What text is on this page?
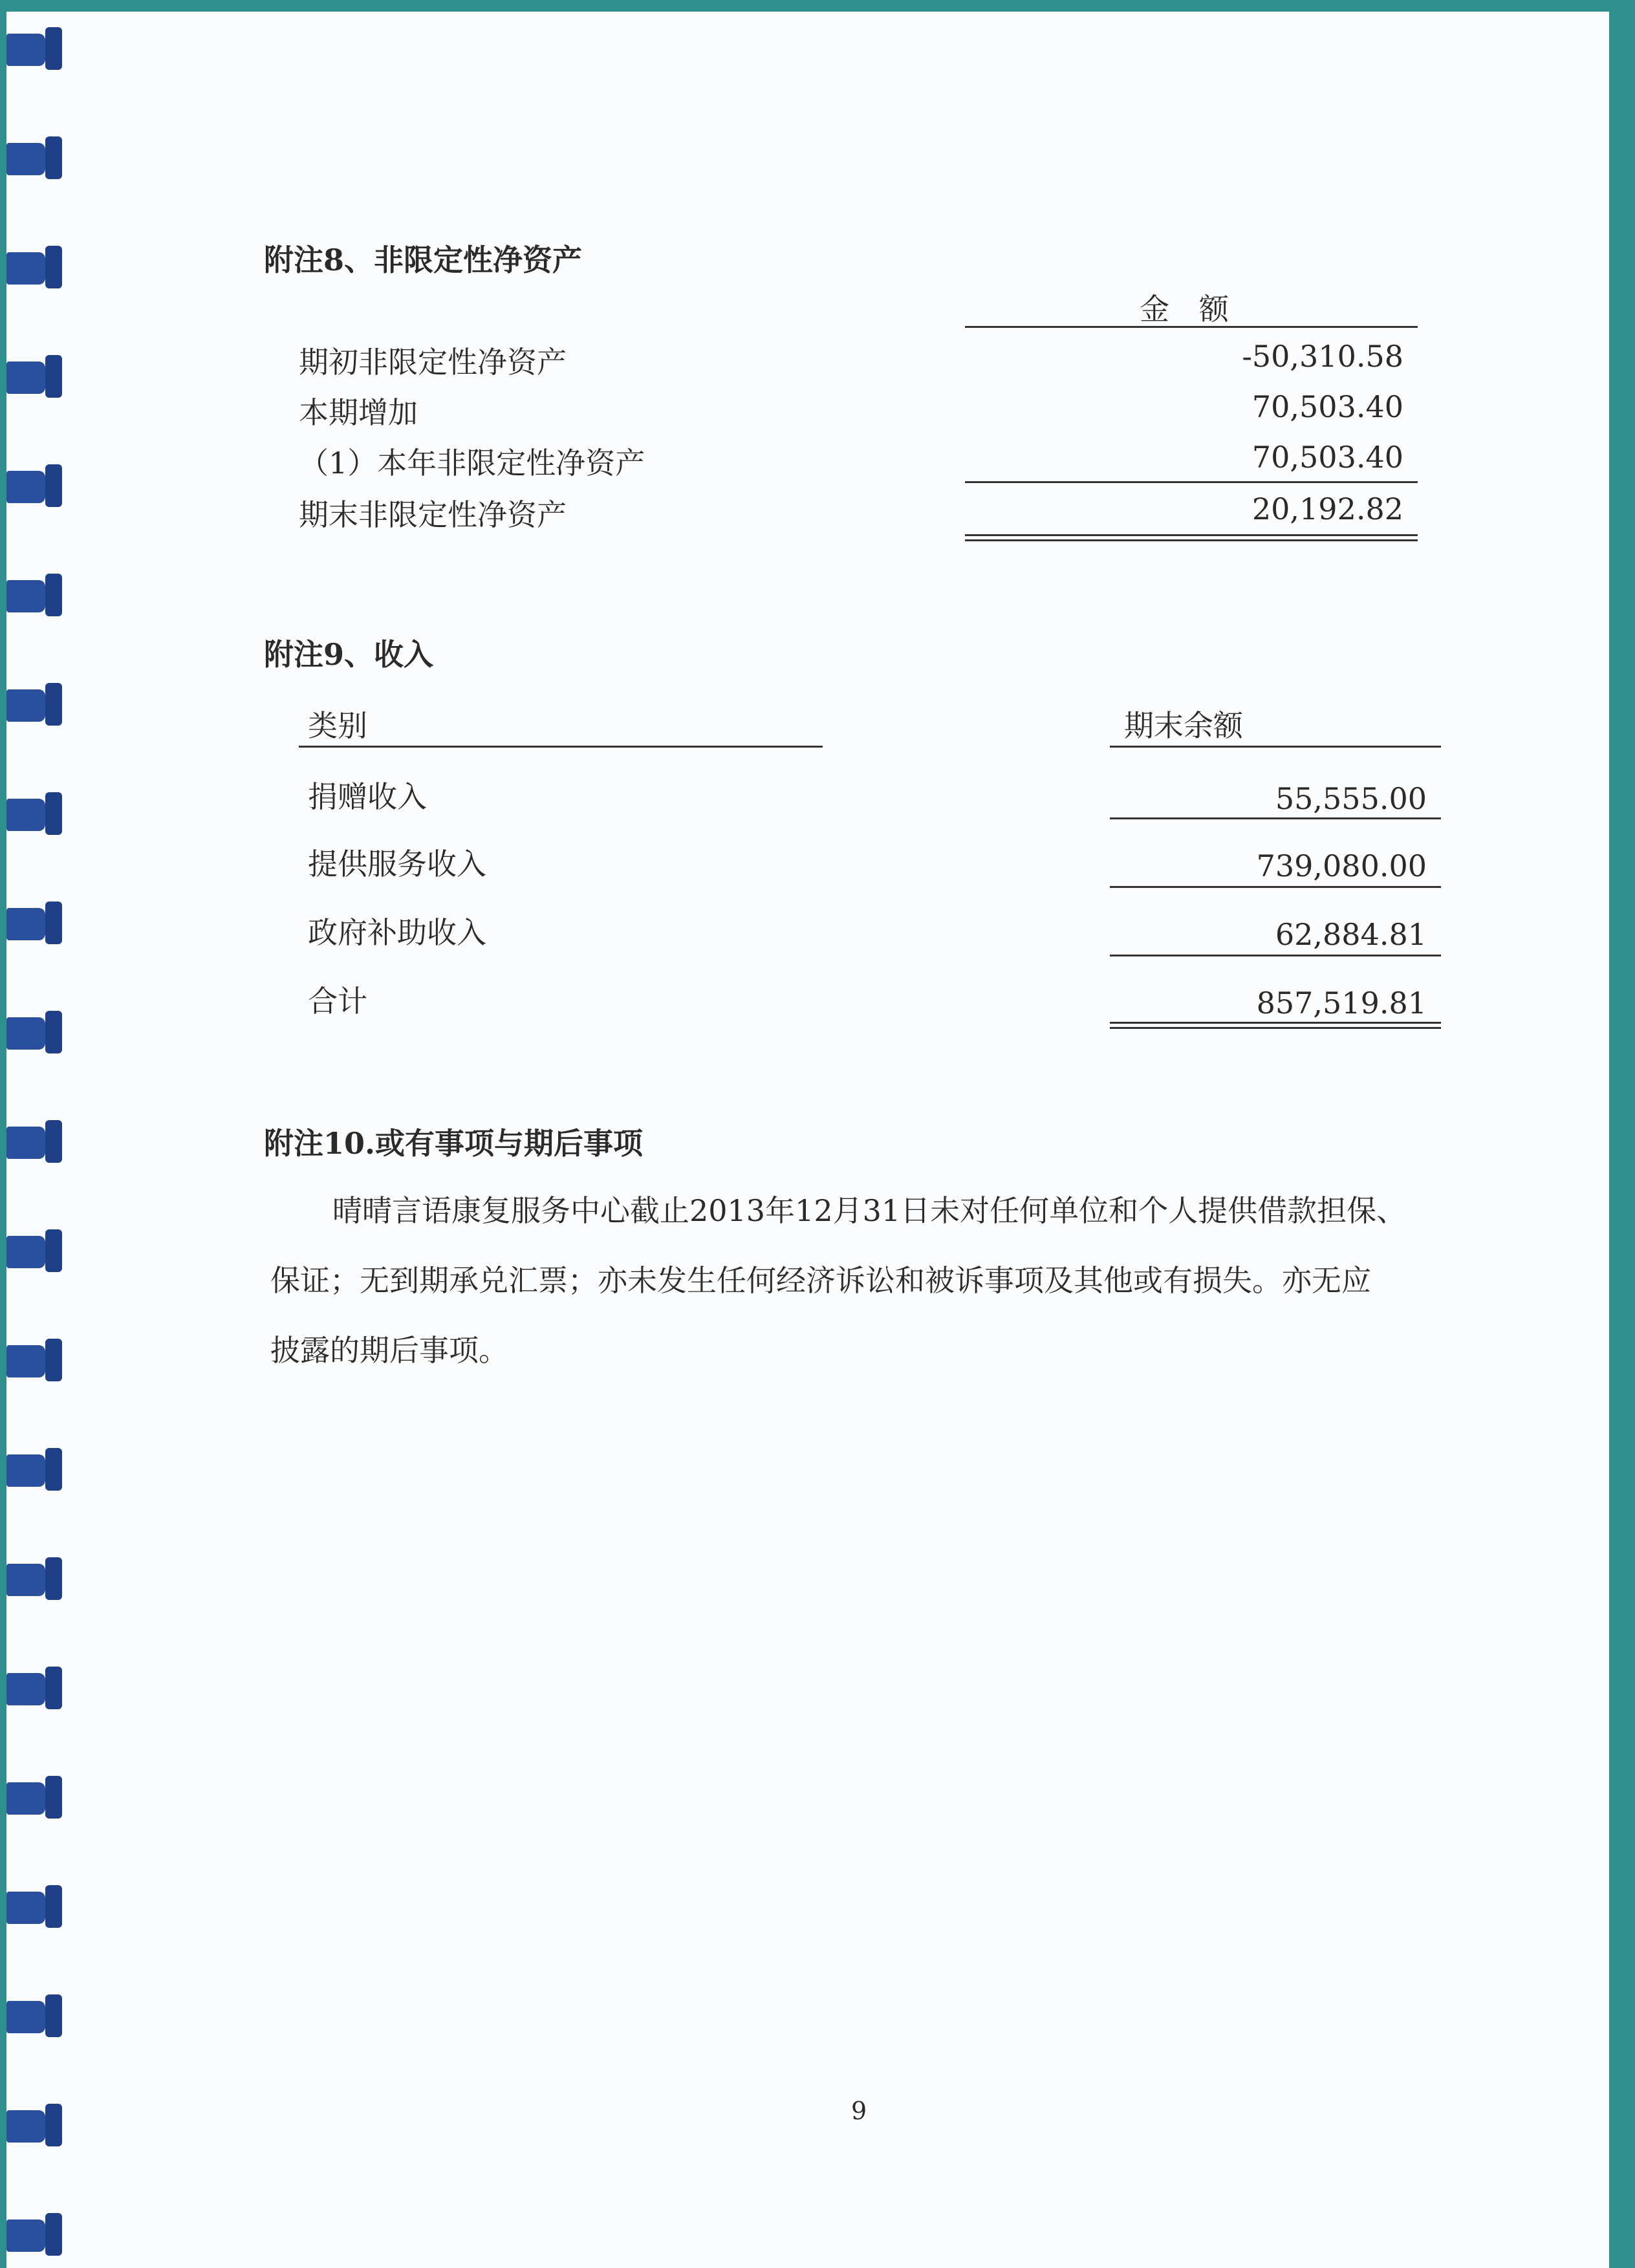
附注8、非限定性净资产
金　额
期初非限定性净资产	-50,310.58
本期增加	70,503.40
（1）本年非限定性净资产	70,503.40
期末非限定性净资产	20,192.82
附注9、收入
类别	期末余额
捐赠收入	55,555.00
提供服务收入	739,080.00
政府补助收入	62,884.81
合计	857,519.81
附注10.或有事项与期后事项
晴晴言语康复服务中心截止2013年12月31日未对任何单位和个人提供借款担保、
保证；无到期承兑汇票；亦未发生任何经济诉讼和被诉事项及其他或有损失。亦无应
披露的期后事项。
9
